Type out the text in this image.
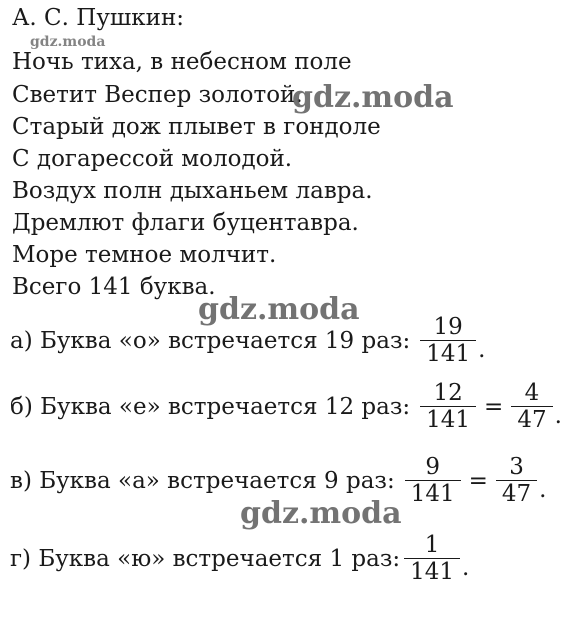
А. С. Пушкин:
gdz.moda
Ночь тиха, в небесном поле
Светит Веспер золотой.
Старый дож плывет в гондоле
С догарессой молодой.
Воздух полн дыханьем лавра.
Дремлют флаги буцентавра.
Море темное молчит.
Всего 141 буква.
gdz.moda
gdz.moda
gdz.moda
а) Буква «о» встречается 19 раз: $\frac{19}{141}$ .
б) Буква «е» встречается 12 раз: $\frac{12}{141} = \frac{4}{47}$ .
в) Буква «а» встречается 9 раз: $\frac{9}{141} = \frac{3}{47}$ .
г) Буква «ю» встречается 1 раз: $\frac{1}{141}$ .
